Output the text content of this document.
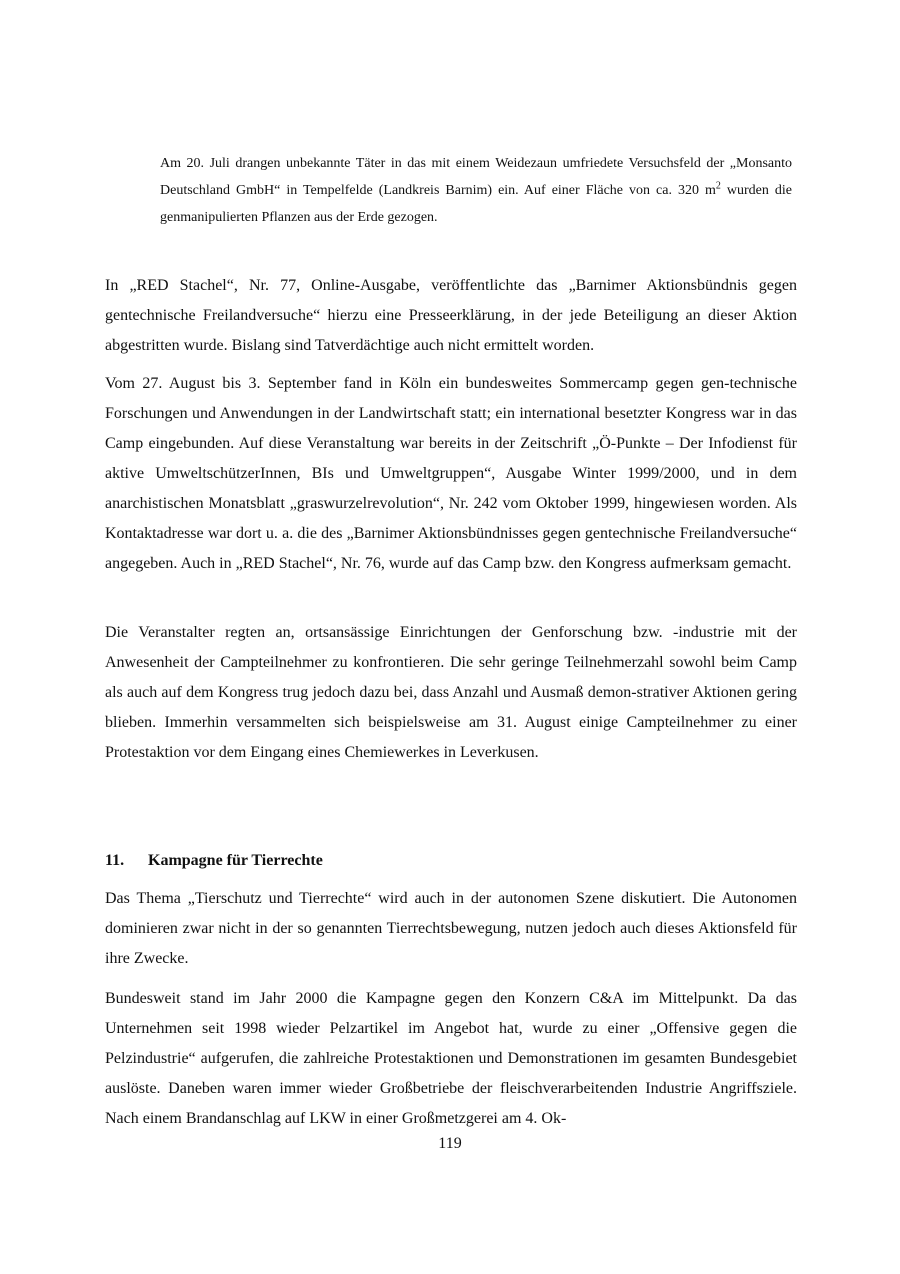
Am 20. Juli drangen unbekannte Täter in das mit einem Weidezaun umfriedete Versuchsfeld der „Monsanto Deutschland GmbH“ in Tempelfelde (Landkreis Barnim) ein. Auf einer Fläche von ca. 320 $m^2$ wurden die genmanipulierten Pflanzen aus der Erde gezogen.

In „RED Stachel“, Nr. 77, Online-Ausgabe, veröffentlichte das „Barnimer Aktionsbündnis gegen gentechnische Freilandversuche“ hierzu eine Presseerklärung, in der jede Beteiligung an dieser Aktion abgestritten wurde. Bislang sind Tatverdächtige auch nicht ermittelt worden.

Vom 27. August bis 3. September fand in Köln ein bundesweites Sommercamp gegen gen-technische Forschungen und Anwendungen in der Landwirtschaft statt; ein international besetzter Kongress war in das Camp eingebunden. Auf diese Veranstaltung war bereits in der Zeitschrift „Ö-Punkte – Der Infodienst für aktive UmweltschützerInnen, BIs und Umweltgruppen“, Ausgabe Winter 1999/2000, und in dem anarchistischen Monatsblatt „graswurzelrevolution“, Nr. 242 vom Oktober 1999, hingewiesen worden. Als Kontaktadresse war dort u. a. die des „Barnimer Aktionsbündnisses gegen gentechnische Freilandversuche“ angegeben. Auch in „RED Stachel“, Nr. 76, wurde auf das Camp bzw. den Kongress aufmerksam gemacht.

Die Veranstalter regten an, ortsansässige Einrichtungen der Genforschung bzw. -industrie mit der Anwesenheit der Campteilnehmer zu konfrontieren. Die sehr geringe Teilnehmerzahl sowohl beim Camp als auch auf dem Kongress trug jedoch dazu bei, dass Anzahl und Ausmaß demon-strativer Aktionen gering blieben. Immerhin versammelten sich beispielsweise am 31. August einige Campteilnehmer zu einer Protestaktion vor dem Eingang eines Chemiewerkes in Leverkusen.

11. Kampagne für Tierrechte

Das Thema „Tierschutz und Tierrechte“ wird auch in der autonomen Szene diskutiert. Die Autonomen dominieren zwar nicht in der so genannten Tierrechtsbewegung, nutzen jedoch auch dieses Aktionsfeld für ihre Zwecke.

Bundesweit stand im Jahr 2000 die Kampagne gegen den Konzern C&A im Mittelpunkt. Da das Unternehmen seit 1998 wieder Pelzartikel im Angebot hat, wurde zu einer „Offensive gegen die Pelzindustrie“ aufgerufen, die zahlreiche Protestaktionen und Demonstrationen im gesamten Bundesgebiet auslöste. Daneben waren immer wieder Großbetriebe der fleischverarbeitenden Industrie Angriffsziele. Nach einem Brandanschlag auf LKW in einer Großmetzgerei am 4. Ok-

119
